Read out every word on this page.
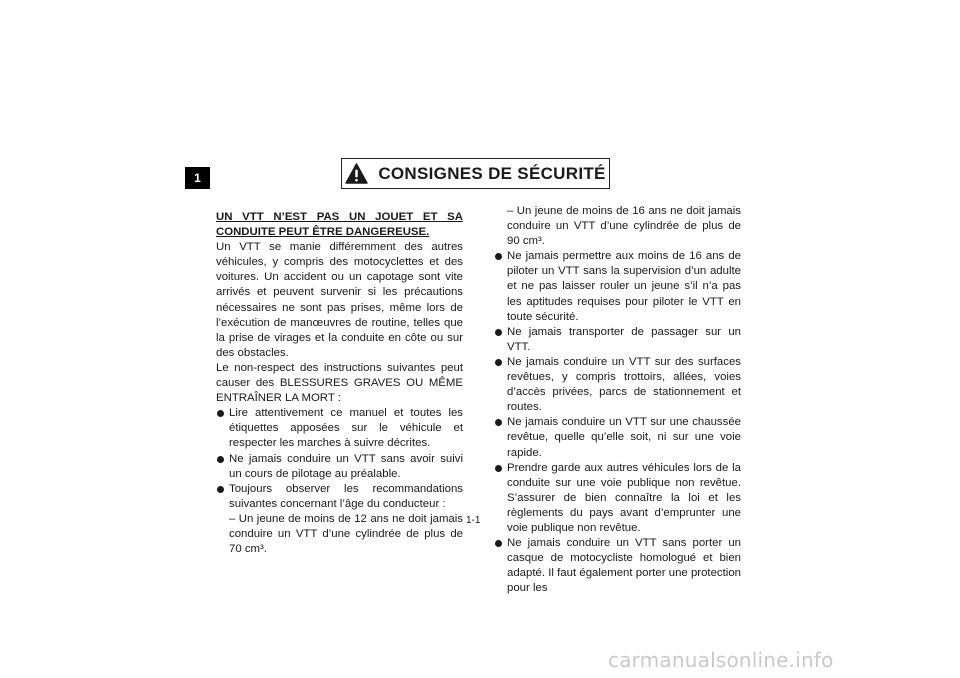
1	CONSIGNES DE SÉCURITÉ

UN VTT N’EST PAS UN JOUET ET SA CONDUITE PEUT ÊTRE DANGEREUSE.

Un VTT se manie différemment des autres véhicules, y compris des motocyclettes et des voitures. Un accident ou un capotage sont vite arrivés et peuvent survenir si les précautions nécessaires ne sont pas prises, même lors de l’exécution de manœuvres de routine, telles que la prise de virages et la conduite en côte ou sur des obstacles.

Le non-respect des instructions suivantes peut causer des BLESSURES GRAVES OU MÊME ENTRAÎNER LA MORT :

Lire attentivement ce manuel et toutes les étiquettes apposées sur le véhicule et respecter les marches à suivre décrites.

Ne jamais conduire un VTT sans avoir suivi un cours de pilotage au préalable.

Toujours observer les recommandations suivantes concernant l’âge du conducteur :

– Un jeune de moins de 12 ans ne doit jamais conduire un VTT d’une cylindrée de plus de 70 cm³.

– Un jeune de moins de 16 ans ne doit jamais conduire un VTT d’une cylindrée de plus de 90 cm³.

Ne jamais permettre aux moins de 16 ans de piloter un VTT sans la supervision d’un adulte et ne pas laisser rouler un jeune s’il n’a pas les aptitudes requises pour piloter le VTT en toute sécurité.

Ne jamais transporter de passager sur un VTT.

Ne jamais conduire un VTT sur des surfaces revêtues, y compris trottoirs, allées, voies d’accès privées, parcs de stationnement et routes.

Ne jamais conduire un VTT sur une chaussée revêtue, quelle qu’elle soit, ni sur une voie rapide.

Prendre garde aux autres véhicules lors de la conduite sur une voie publique non revêtue. S’assurer de bien connaître la loi et les règlements du pays avant d’emprunter une voie publique non revêtue.

Ne jamais conduire un VTT sans porter un casque de motocycliste homologué et bien adapté. Il faut également porter une protection pour les

1-1
carmanualsonline.info
